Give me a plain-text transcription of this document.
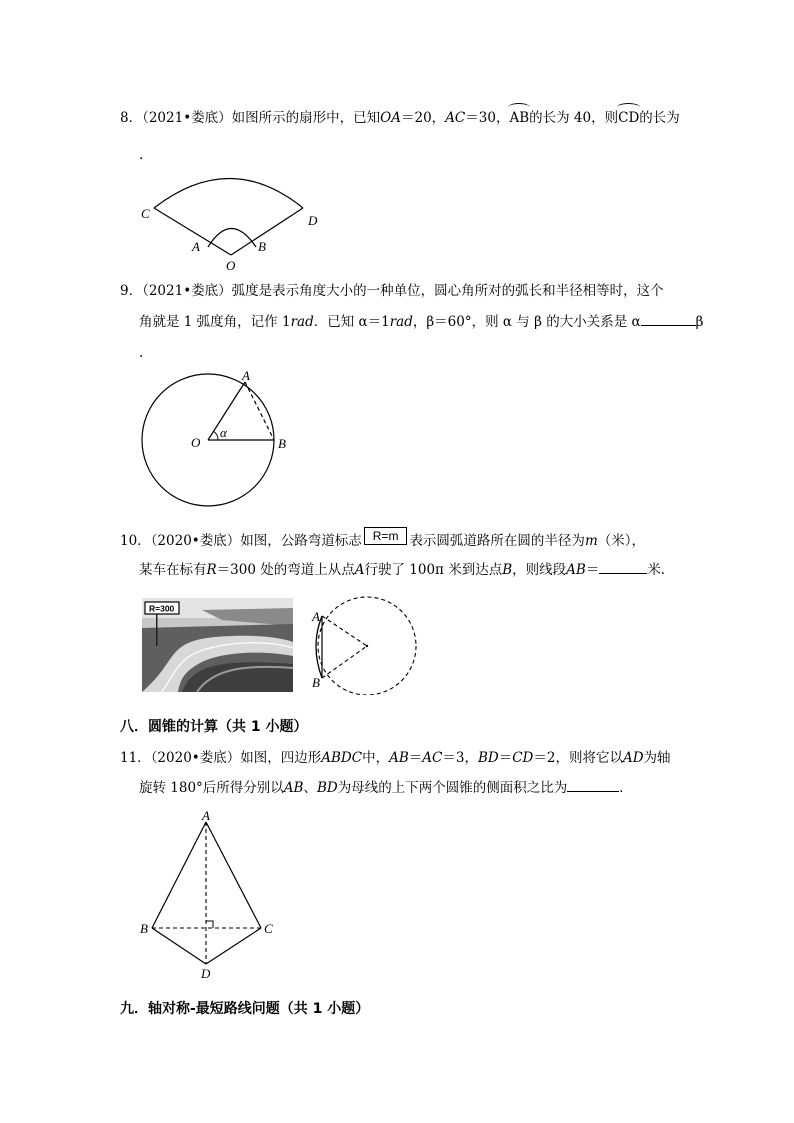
8．（2021•娄底）如图所示的扇形中，已知OA＝20，AC＝30，AB的长为 40，则CD的长为
.
C	D
A	B
O
9．（2021•娄底）弧度是表示角度大小的一种单位，圆心角所对的弧长和半径相等时，这个
角就是 1 弧度角，记作 1rad．已知 α＝1rad，β＝60°，则 α 与 β 的大小关系是 α	β
.
A
O	B
α
10．（2020•娄底）如图，公路弯道标志 R=m 表示圆弧道路所在圆的半径为m（米），
某车在标有R＝300 处的弯道上从点A行驶了 100π 米到达点B，则线段AB＝	米．
R=300
A
B
八．圆锥的计算（共 1 小题）
11．（2020•娄底）如图，四边形ABDC中，AB＝AC＝3，BD＝CD＝2，则将它以AD为轴
旋转 180°后所得分别以AB、BD为母线的上下两个圆锥的侧面积之比为	．
A
B	C
D
九．轴对称-最短路线问题（共 1 小题）
